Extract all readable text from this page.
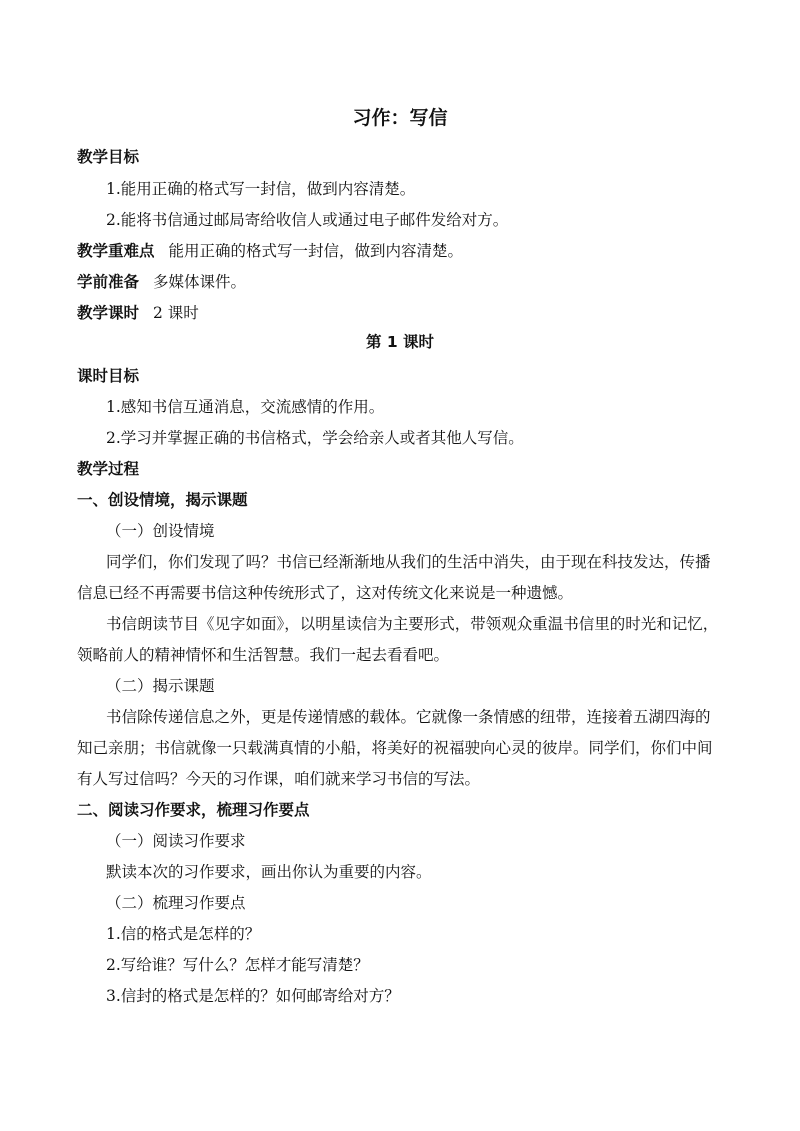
习作：写信
教学目标
1.能用正确的格式写一封信，做到内容清楚。
2.能将书信通过邮局寄给收信人或通过电子邮件发给对方。
教学重难点 能用正确的格式写一封信，做到内容清楚。
学前准备 多媒体课件。
教学课时 2 课时
第 1 课时
课时目标
1.感知书信互通消息，交流感情的作用。
2.学习并掌握正确的书信格式，学会给亲人或者其他人写信。
教学过程
一、创设情境，揭示课题
（一）创设情境
同学们，你们发现了吗？书信已经渐渐地从我们的生活中消失，由于现在科技发达，传播
信息已经不再需要书信这种传统形式了，这对传统文化来说是一种遗憾。
书信朗读节目《见字如面》，以明星读信为主要形式，带领观众重温书信里的时光和记忆，
领略前人的精神情怀和生活智慧。我们一起去看看吧。
（二）揭示课题
书信除传递信息之外，更是传递情感的载体。它就像一条情感的纽带，连接着五湖四海的
知己亲朋；书信就像一只载满真情的小船，将美好的祝福驶向心灵的彼岸。同学们，你们中间
有人写过信吗？今天的习作课，咱们就来学习书信的写法。
二、阅读习作要求，梳理习作要点
（一）阅读习作要求
默读本次的习作要求，画出你认为重要的内容。
（二）梳理习作要点
1.信的格式是怎样的？
2.写给谁？写什么？怎样才能写清楚？
3.信封的格式是怎样的？如何邮寄给对方？
